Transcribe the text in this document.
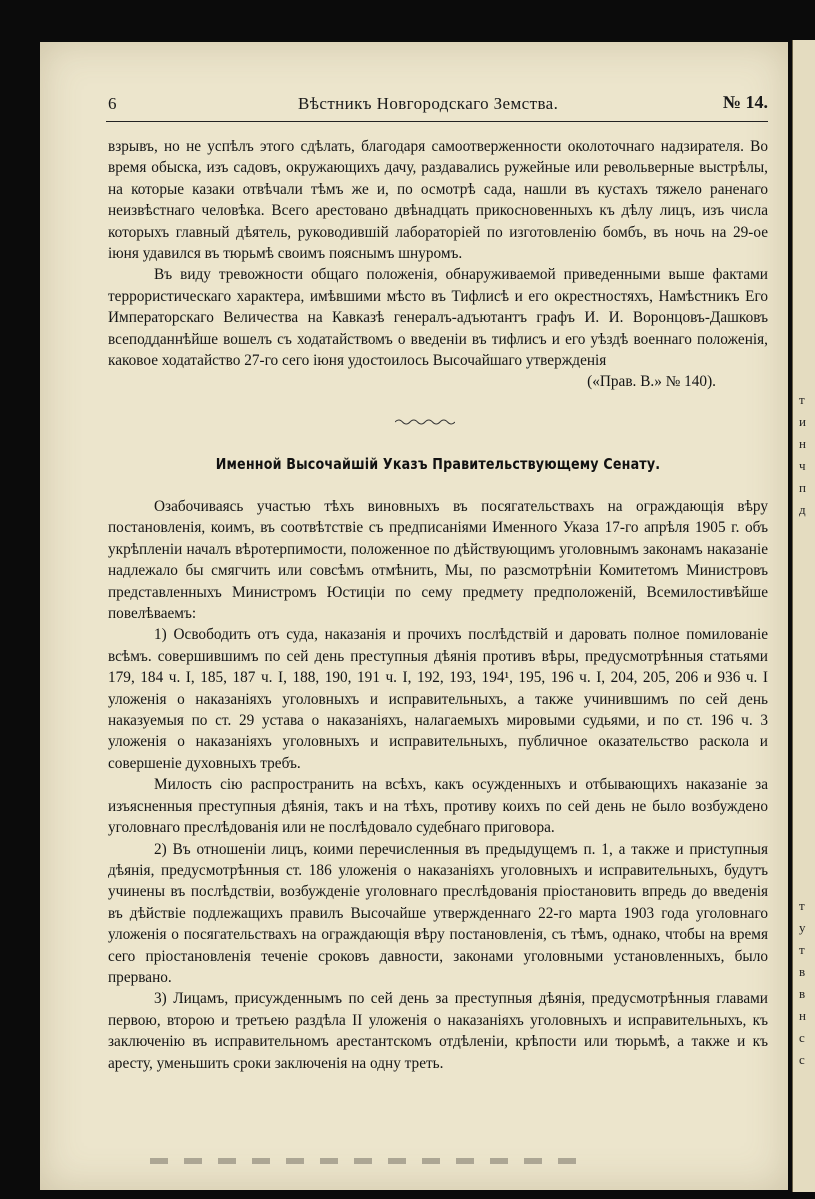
т
и
н
ч
п
д
т
у
т
в
в
н
с
с
6	Вѣстникъ Новгородскаго Земства.	№ 14.

взрывъ, но не успѣлъ этого сдѣлать, благодаря самоотверженности околоточнаго надзирателя. Во время обыска, изъ садовъ, окружающихъ дачу, раздавались ружейные или револьверные выстрѣлы, на которые казаки отвѣчали тѣмъ же и, по осмотрѣ сада, нашли въ кустахъ тяжело раненаго неизвѣстнаго человѣка. Всего арестовано двѣнадцать прикосновенныхъ къ дѣлу лицъ, изъ числа которыхъ главный дѣятель, руководившій лабораторіей по изготовленію бомбъ, въ ночь на 29-ое іюня удавился въ тюрьмѣ своимъ пояснымъ шнуромъ.

Въ виду тревожности общаго положенія, обнаруживаемой приведенными выше фактами террористическаго характера, имѣвшими мѣсто въ Тифлисѣ и его окрестностяхъ, Намѣстникъ Его Императорскаго Величества на Кавказѣ генералъ-адъютантъ графъ И. И. Воронцовъ-Дашковъ всеподданнѣйше вошелъ съ ходатайствомъ о введеніи въ тифлисъ и его уѣздѣ военнаго положенія, каковое ходатайство 27-го сего іюня удостоилось Высочайшаго утвержденія

(«Прав. В.» № 140).

Именной Высочайшій Указъ Правительствующему Сенату.

Озабочиваясь участью тѣхъ виновныхъ въ посягательствахъ на ограждающія вѣру постановленія, коимъ, въ соотвѣтствіе съ предписаніями Именного Указа 17-го апрѣля 1905 г. объ укрѣпленіи началъ вѣротерпимости, положенное по дѣйствующимъ уголовнымъ законамъ наказаніе надлежало бы смягчить или совсѣмъ отмѣнить, Мы, по разсмотрѣніи Комитетомъ Министровъ представленныхъ Министромъ Юстиціи по сему предмету предположеній, Всемилостивѣйше повелѣваемъ:

1) Освободить отъ суда, наказанія и прочихъ послѣдствій и даровать полное помилованіе всѣмъ. совершившимъ по сей день преступныя дѣянія противъ вѣры, предусмотрѣнныя статьями 179, 184 ч. I, 185, 187 ч. I, 188, 190, 191 ч. I, 192, 193, 194¹, 195, 196 ч. I, 204, 205, 206 и 936 ч. I уложенія о наказаніяхъ уголовныхъ и исправительныхъ, а также учинившимъ по сей день наказуемыя по ст. 29 устава о наказаніяхъ, налагаемыхъ мировыми судьями, и по ст. 196 ч. 3 уложенія о наказаніяхъ уголовныхъ и исправительныхъ, публичное оказательство раскола и совершеніе духовныхъ требъ.

Милость сію распространить на всѣхъ, какъ осужденныхъ и отбывающихъ наказаніе за изъясненныя преступныя дѣянія, такъ и на тѣхъ, противу коихъ по сей день не было возбуждено уголовнаго преслѣдованія или не послѣдовало судебнаго приговора.

2) Въ отношеніи лицъ, коими перечисленныя въ предыдущемъ п. 1, а также и приступныя дѣянія, предусмотрѣнныя ст. 186 уложенія о наказаніяхъ уголовныхъ и исправительныхъ, будутъ учинены въ послѣдствіи, возбужденіе уголовнаго преслѣдованія пріостановить впредь до введенія въ дѣйствіе подлежащихъ правилъ Высочайше утвержденнаго 22-го марта 1903 года уголовнаго уложенія о посягательствахъ на ограждающія вѣру постановленія, съ тѣмъ, однако, чтобы на время сего пріостановленія теченіе сроковъ давности, законами уголовными установленныхъ, было прервано.

3) Лицамъ, присужденнымъ по сей день за преступныя дѣянія, предусмотрѣнныя главами первою, второю и третьею раздѣла II уложенія о наказаніяхъ уголовныхъ и исправительныхъ, къ заключенію въ исправительномъ арестантскомъ отдѣленіи, крѣпости или тюрьмѣ, а также и къ аресту, уменьшить сроки заключенія на одну треть.
